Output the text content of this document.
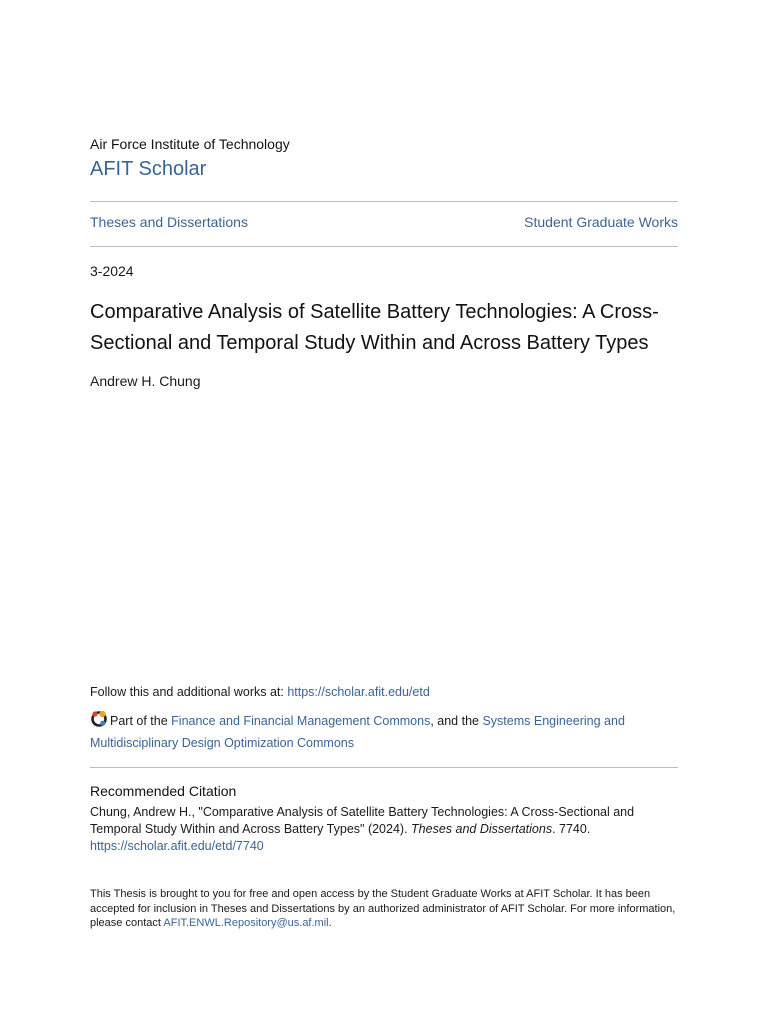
Air Force Institute of Technology
AFIT Scholar
Theses and Dissertations	Student Graduate Works
3-2024
Comparative Analysis of Satellite Battery Technologies: A Cross-Sectional and Temporal Study Within and Across Battery Types
Andrew H. Chung
Follow this and additional works at: https://scholar.afit.edu/etd
Part of the Finance and Financial Management Commons, and the Systems Engineering and Multidisciplinary Design Optimization Commons
Recommended Citation
Chung, Andrew H., "Comparative Analysis of Satellite Battery Technologies: A Cross-Sectional and Temporal Study Within and Across Battery Types" (2024). Theses and Dissertations. 7740.
https://scholar.afit.edu/etd/7740
This Thesis is brought to you for free and open access by the Student Graduate Works at AFIT Scholar. It has been accepted for inclusion in Theses and Dissertations by an authorized administrator of AFIT Scholar. For more information, please contact AFIT.ENWL.Repository@us.af.mil.
